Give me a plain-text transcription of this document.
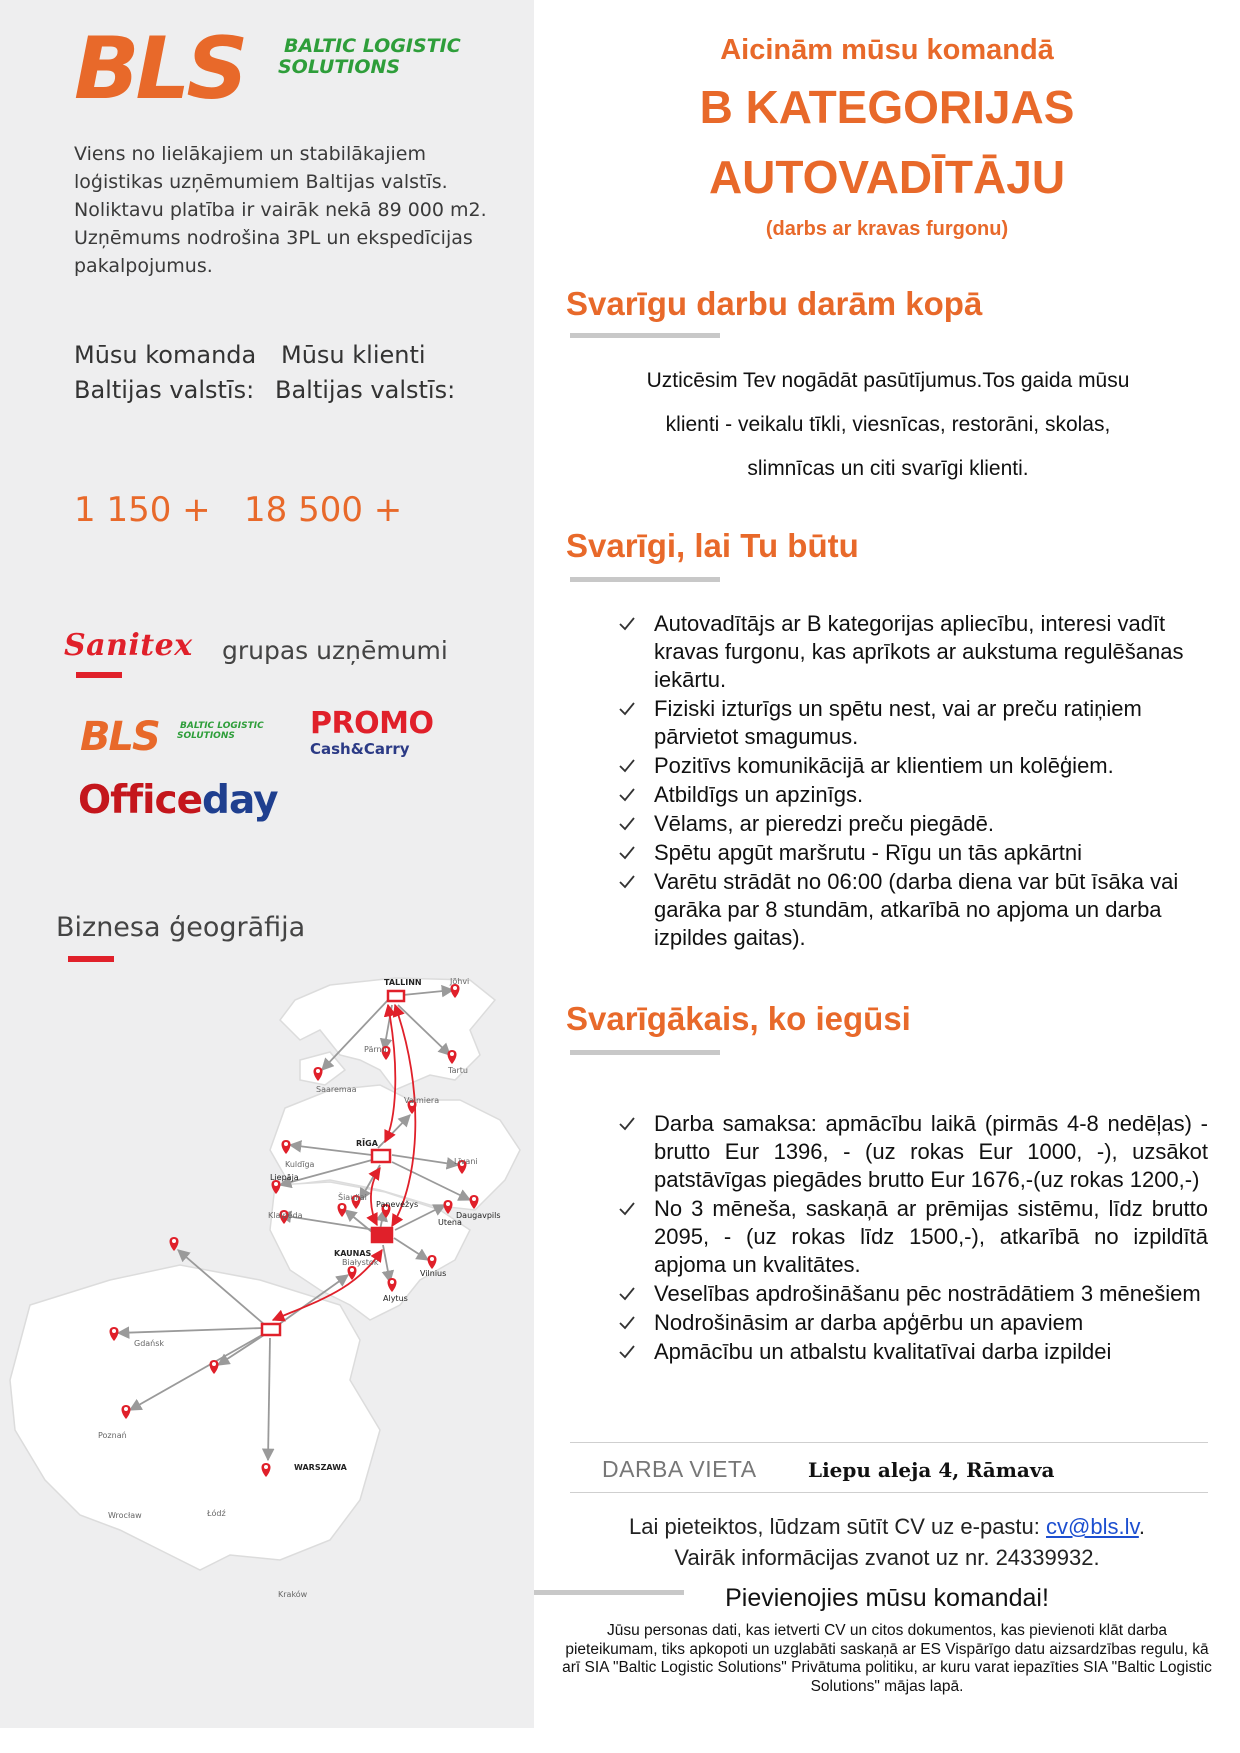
BLS BALTIC LOGISTIC
SOLUTIONS
Viens no lielākajiem un stabilākajiem
loģistikas uzņēmumiem Baltijas valstīs.
Noliktavu platība ir vairāk nekā 89 000 m2.
Uzņēmums nodrošina 3PL un ekspedīcijas
pakalpojumus.
Mūsu komanda
Baltijas valstīs:
Mūsu klienti
Baltijas valstīs:
1 150 + 18 500 +
Sanitex grupas uzņēmumi
BLS BALTIC LOGISTIC
SOLUTIONS	PROMO
Cash&Carry
Officeday
Biznesa ģeogrāfija
TALLINN	Jõhvi
Pärnu
Tartu
Saaremaa
Valmiera
RĪGA
Kuldīga
Liepāja
Līvani
Daugavpils
Šiauliai
Panevėžys
Klaipėda
Utena
KAUNAS
Vilnius
Alytus
Gdańsk
Białystok
Poznań
WARSZAWA
Wrocław	Łódź
Kraków
Aicinām mūsu komandā
B KATEGORIJAS
AUTOVADĪTĀJU
(darbs ar kravas furgonu)
Svarīgu darbu darām kopā
Uzticēsim Tev nogādāt pasūtījumus.Tos gaida mūsu
klienti - veikalu tīkli, viesnīcas, restorāni, skolas,
slimnīcas un citi svarīgi klienti.
Svarīgi, lai Tu būtu
Autovadītājs ar B kategorijas apliecību, interesi vadīt kravas furgonu, kas aprīkots ar aukstuma regulēšanas iekārtu.
Fiziski izturīgs un spētu nest, vai ar preču ratiņiem pārvietot smagumus.
Pozitīvs komunikācijā ar klientiem un kolēģiem.
Atbildīgs un apzinīgs.
Vēlams, ar pieredzi preču piegādē.
Spētu apgūt maršrutu - Rīgu un tās apkārtni
Varētu strādāt no 06:00 (darba diena var būt īsāka vai garāka par 8 stundām, atkarībā no apjoma un darba izpildes gaitas).
Svarīgākais, ko iegūsi
Darba samaksa: apmācību laikā (pirmās 4-8 nedēļas) - brutto Eur 1396, - (uz rokas Eur 1000, -), uzsākot patstāvīgas piegādes brutto Eur 1676,-(uz rokas 1200,-)
No 3 mēneša, saskaņā ar prēmijas sistēmu, līdz brutto 2095, - (uz rokas līdz 1500,-), atkarībā no izpildītā apjoma un kvalitātes.
Veselības apdrošināšanu pēc nostrādātiem 3 mēnešiem
Nodrošināsim ar darba apģērbu un apaviem
Apmācību un atbalstu kvalitatīvai darba izpildei
DARBA VIETA	Liepu aleja 4, Rāmava
Lai pieteiktos, lūdzam sūtīt CV uz e-pastu: cv@bls.lv.
Vairāk informācijas zvanot uz nr. 24339932.
Pievienojies mūsu komandai!
Jūsu personas dati, kas ietverti CV un citos dokumentos, kas pievienoti klāt darba pieteikumam, tiks apkopoti un uzglabāti saskaņā ar ES Vispārīgo datu aizsardzības regulu, kā arī SIA "Baltic Logistic Solutions" Privātuma politiku, ar kuru varat iepazīties SIA "Baltic Logistic Solutions" mājas lapā.
